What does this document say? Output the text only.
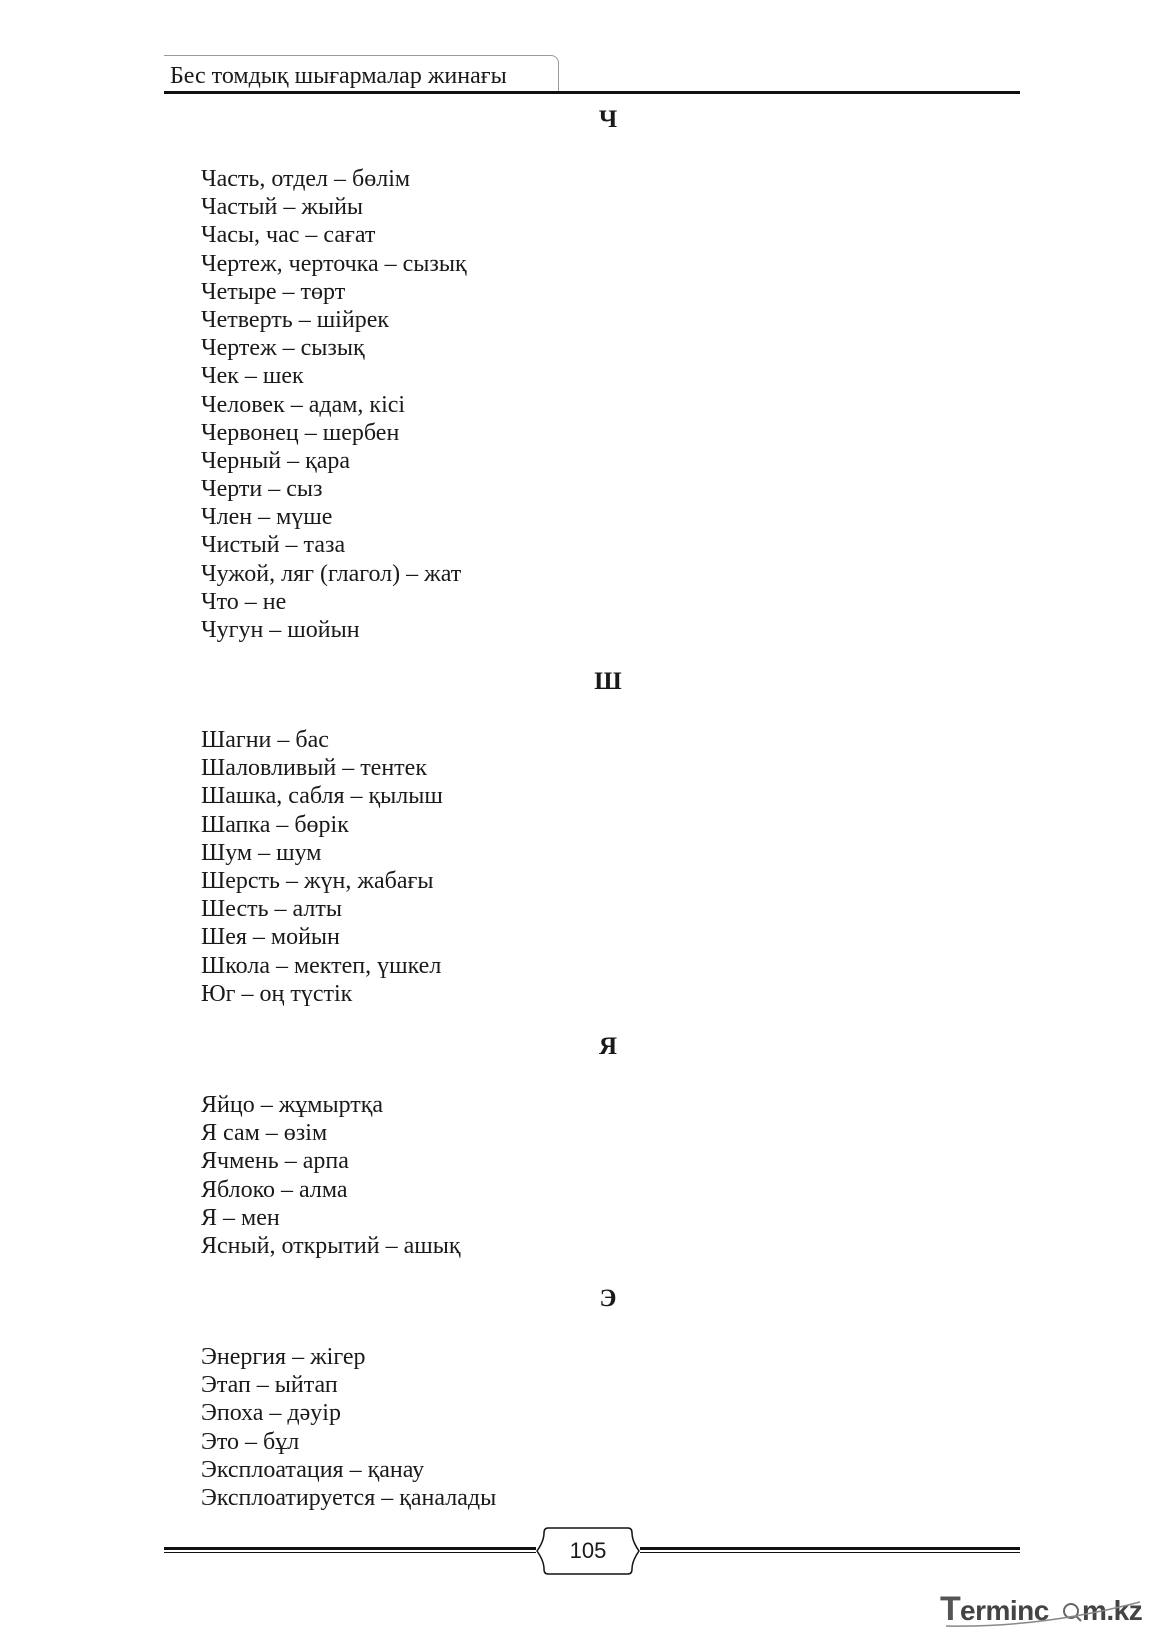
Бес томдық шығармалар жинағы
Ч
Часть, отдел – бөлім
Частый – жыйы
Часы, час – сағат
Чертеж, черточка – сызық
Четыре – төрт
Четверть – шійрек
Чертеж – сызық
Чек – шек
Человек – адам, кісі
Червонец – шербен
Черный – қара
Черти – сыз
Член – мүше
Чистый – таза
Чужой, ляг (глагол) – жат
Что – не
Чугун – шойын
Ш
Шагни – бас
Шаловливый – тентек
Шашка, сабля – қылыш
Шапка – бөрік
Шум – шум
Шерсть – жүн, жабағы
Шесть – алты
Шея – мойын
Школа – мектеп, үшкел
Юг – оң түстік
Я
Яйцо – жұмыртқа
Я сам – өзім
Ячмень – арпа
Яблоко – алма
Я – мен
Ясный, открытий – ашық
Э
Энергия – жігер
Этап – ыйтап
Эпоха – дәуір
Это – бұл
Эксплоатация – қанау
Эксплоатируется – қаналады
105
T erminc m.kz
